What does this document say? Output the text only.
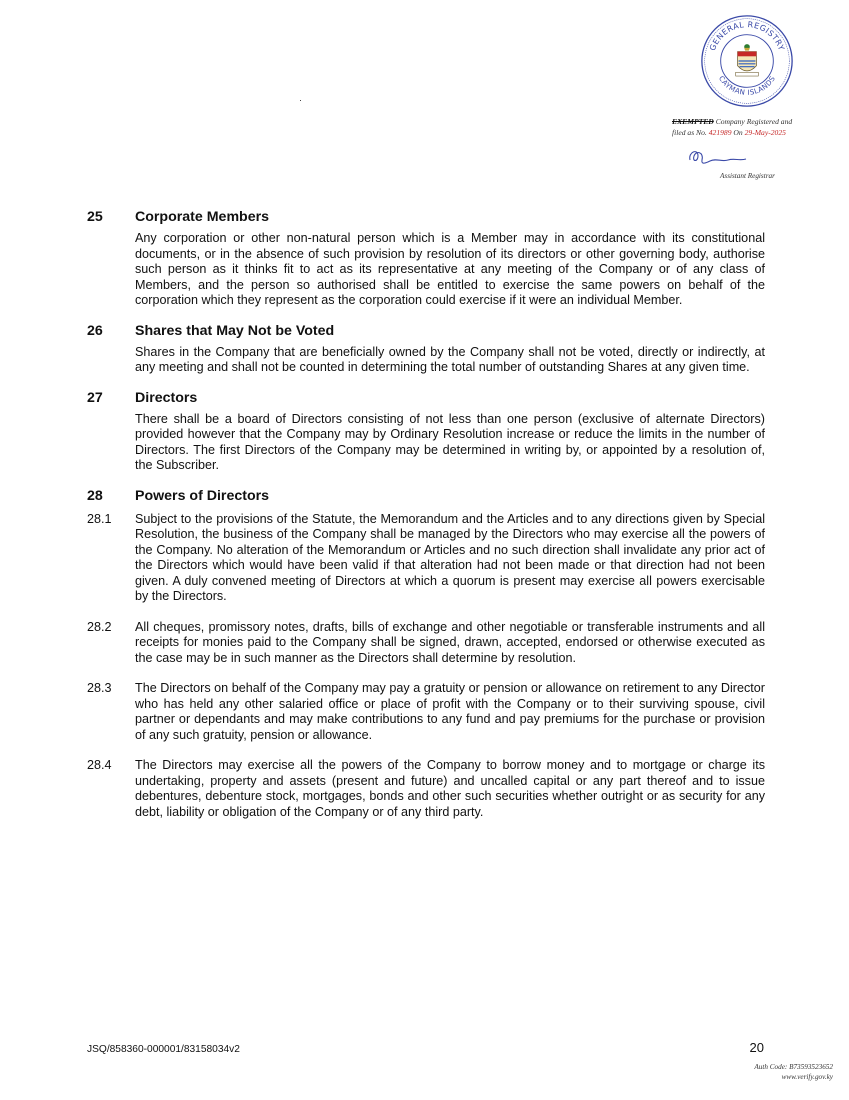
GENERAL REGISTRY
CAYMAN ISLANDS
EXEMPTED Company Registered and
filed as No. 421989 On 29-May-2025
Assistant Registrar
25	Corporate Members
Any corporation or other non-natural person which is a Member may in accordance with its constitutional documents, or in the absence of such provision by resolution of its directors or other governing body, authorise such person as it thinks fit to act as its representative at any meeting of the Company or of any class of Members, and the person so authorised shall be entitled to exercise the same powers on behalf of the corporation which they represent as the corporation could exercise if it were an individual Member.
26	Shares that May Not be Voted
Shares in the Company that are beneficially owned by the Company shall not be voted, directly or indirectly, at any meeting and shall not be counted in determining the total number of outstanding Shares at any given time.
27	Directors
There shall be a board of Directors consisting of not less than one person (exclusive of alternate Directors) provided however that the Company may by Ordinary Resolution increase or reduce the limits in the number of Directors. The first Directors of the Company may be determined in writing by, or appointed by a resolution of, the Subscriber.
28	Powers of Directors
28.1	Subject to the provisions of the Statute, the Memorandum and the Articles and to any directions given by Special Resolution, the business of the Company shall be managed by the Directors who may exercise all the powers of the Company. No alteration of the Memorandum or Articles and no such direction shall invalidate any prior act of the Directors which would have been valid if that alteration had not been made or that direction had not been given. A duly convened meeting of Directors at which a quorum is present may exercise all powers exercisable by the Directors.
28.2	All cheques, promissory notes, drafts, bills of exchange and other negotiable or transferable instruments and all receipts for monies paid to the Company shall be signed, drawn, accepted, endorsed or otherwise executed as the case may be in such manner as the Directors shall determine by resolution.
28.3	The Directors on behalf of the Company may pay a gratuity or pension or allowance on retirement to any Director who has held any other salaried office or place of profit with the Company or to their surviving spouse, civil partner or dependants and may make contributions to any fund and pay premiums for the purchase or provision of any such gratuity, pension or allowance.
28.4	The Directors may exercise all the powers of the Company to borrow money and to mortgage or charge its undertaking, property and assets (present and future) and uncalled capital or any part thereof and to issue debentures, debenture stock, mortgages, bonds and other such securities whether outright or as security for any debt, liability or obligation of the Company or of any third party.
JSQ/858360-000001/83158034v2	20
Auth Code: B73593523652
www.verify.gov.ky
